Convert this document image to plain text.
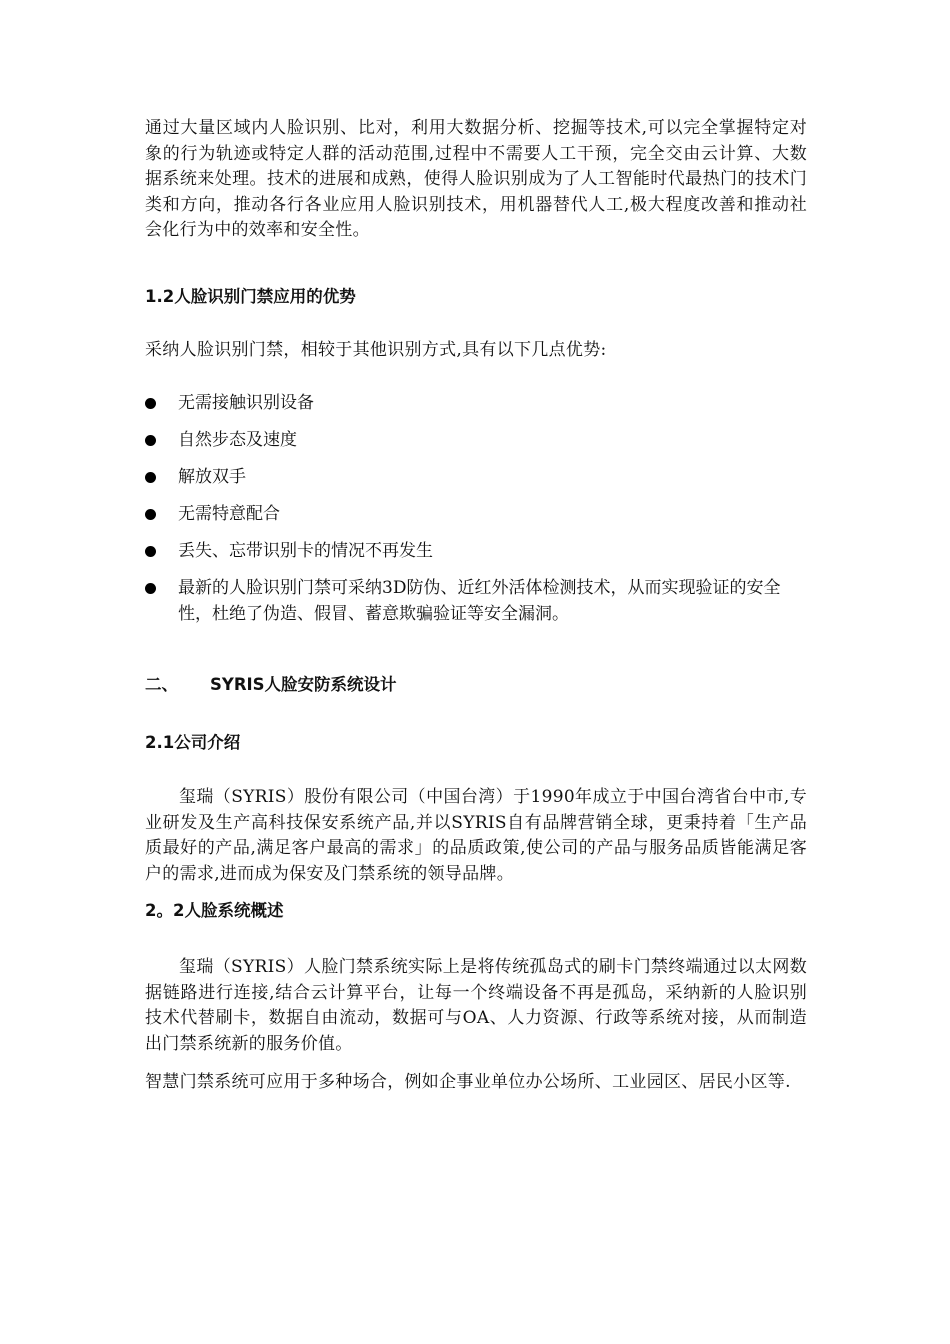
通过大量区域内人脸识别、比对，利用大数据分析、挖掘等技术,可以完全掌握特定对象的行为轨迹或特定人群的活动范围,过程中不需要人工干预，完全交由云计算、大数据系统来处理。技术的进展和成熟，使得人脸识别成为了人工智能时代最热门的技术门类和方向，推动各行各业应用人脸识别技术，用机器替代人工,极大程度改善和推动社会化行为中的效率和安全性。

1.2人脸识别门禁应用的优势

采纳人脸识别门禁，相较于其他识别方式,具有以下几点优势:

无需接触识别设备
自然步态及速度
解放双手
无需特意配合
丢失、忘带识别卡的情况不再发生
最新的人脸识别门禁可采纳3D防伪、近红外活体检测技术，从而实现验证的安全性，杜绝了伪造、假冒、蓄意欺骗验证等安全漏洞。

二、	SYRIS人脸安防系统设计

2.1公司介绍

玺瑞（SYRIS）股份有限公司（中国台湾）于1990年成立于中国台湾省台中市,专业研发及生产高科技保安系统产品,并以SYRIS自有品牌营销全球，更秉持着「生产品质最好的产品,满足客户最高的需求」的品质政策,使公司的产品与服务品质皆能满足客户的需求,进而成为保安及门禁系统的领导品牌。

2。2人脸系统概述

玺瑞（SYRIS）人脸门禁系统实际上是将传统孤岛式的刷卡门禁终端通过以太网数据链路进行连接,结合云计算平台，让每一个终端设备不再是孤岛，采纳新的人脸识别技术代替刷卡，数据自由流动，数据可与OA、人力资源、行政等系统对接，从而制造出门禁系统新的服务价值。

智慧门禁系统可应用于多种场合，例如企事业单位办公场所、工业园区、居民小区等.
